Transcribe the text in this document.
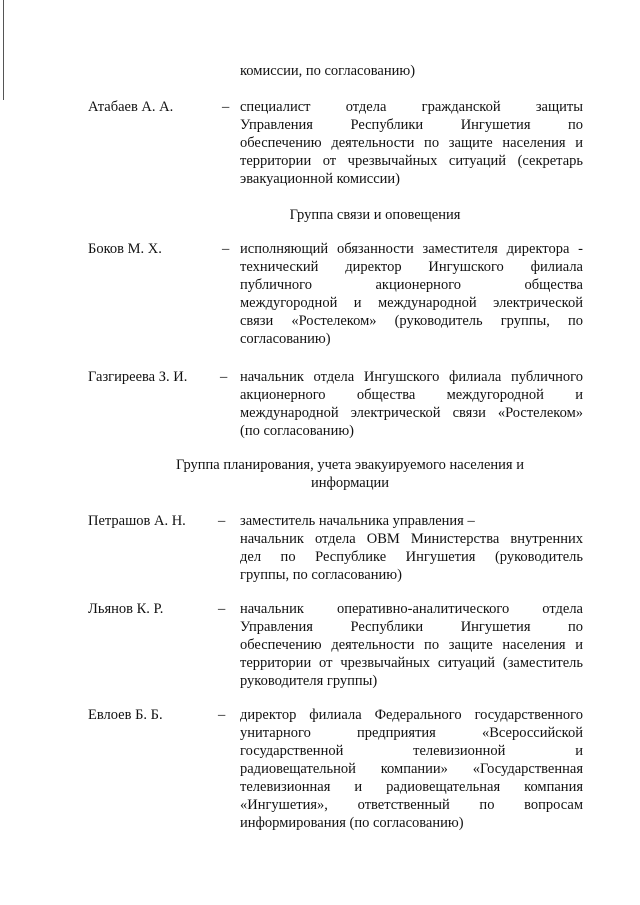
комиссии, по согласованию)
Атабаев А. А.	– специалист отдела гражданской защиты
Управления Республики Ингушетия по
обеспечению деятельности по защите населения и
территории от чрезвычайных ситуаций (секретарь
эвакуационной комиссии)
Группа связи и оповещения
Боков М. Х.	– исполняющий обязанности заместителя директора -
технический директор Ингушского филиала
публичного акционерного общества
междугородной и международной электрической
связи «Ростелеком» (руководитель группы, по
согласованию)
Газгиреева З. И. – начальник отдела Ингушского филиала публичного
акционерного общества междугородной и
международной электрической связи «Ростелеком»
(по согласованию)
Группа планирования, учета эвакуируемого населения и информации
Петрашов А. Н. – заместитель начальника управления –
начальник отдела ОВМ Министерства внутренних
дел по Республике Ингушетия (руководитель
группы, по согласованию)
Льянов К. Р.	– начальник оперативно-аналитического отдела
Управления Республики Ингушетия по
обеспечению деятельности по защите населения и
территории от чрезвычайных ситуаций (заместитель
руководителя группы)
Евлоев Б. Б.	– директор филиала Федерального государственного
унитарного предприятия «Всероссийской
государственной телевизионной и
радиовещательной компании» «Государственная
телевизионная и радиовещательная компания
«Ингушетия», ответственный по вопросам
информирования (по согласованию)
